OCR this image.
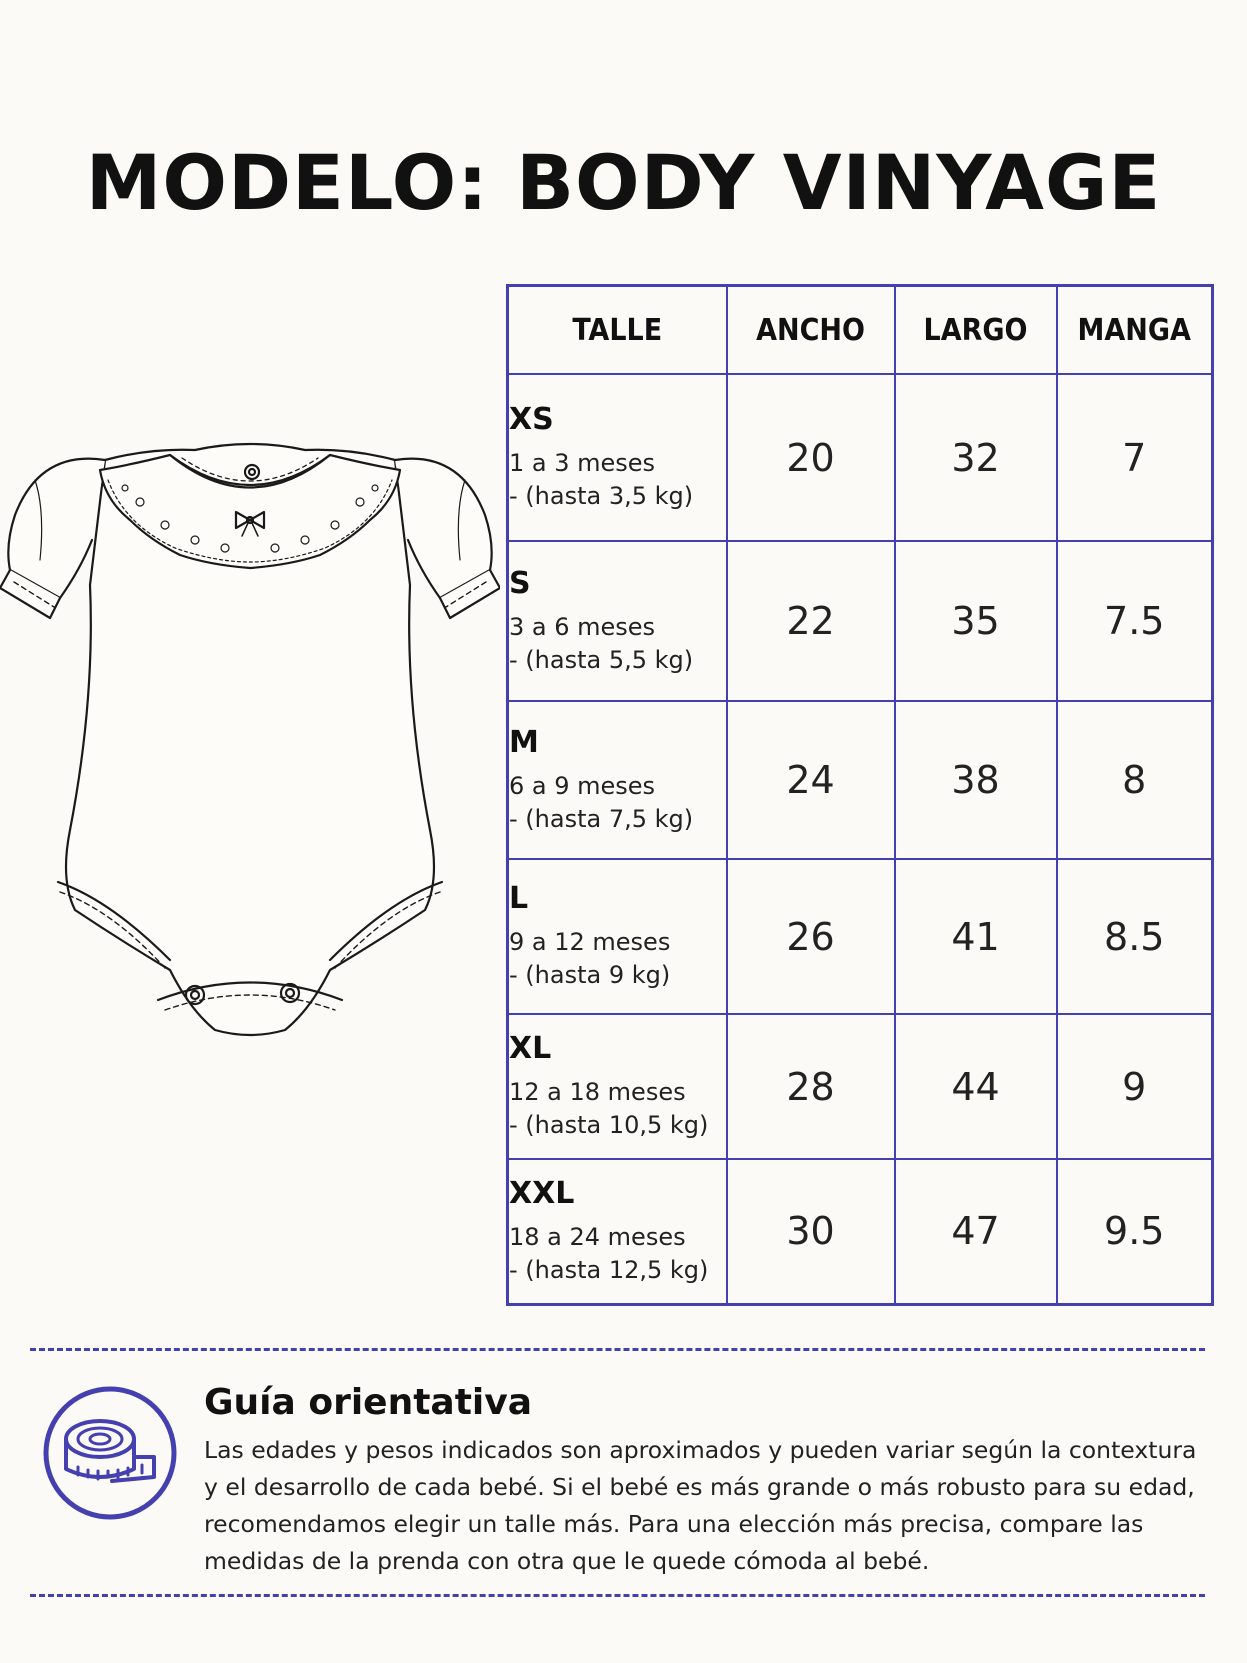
MODELO: BODY VINYAGE
TALLE	ANCHO	LARGO	MANGA

XS
1 a 3 meses
- (hasta 3,5 kg)	20	32	7

S
3 a 6 meses
- (hasta 5,5 kg)	22	35	7.5

M
6 a 9 meses
- (hasta 7,5 kg)	24	38	8

L
9 a 12 meses
- (hasta 9 kg)	26	41	8.5

XL
12 a 18 meses
- (hasta 10,5 kg)	28	44	9

XXL
18 a 24 meses
- (hasta 12,5 kg)	30	47	9.5
Guía orientativa
Las edades y pesos indicados son aproximados y pueden variar según la contextura y el desarrollo de cada bebé. Si el bebé es más grande o más robusto para su edad, recomendamos elegir un talle más. Para una elección más precisa, compare las medidas de la prenda con otra que le quede cómoda al bebé.
